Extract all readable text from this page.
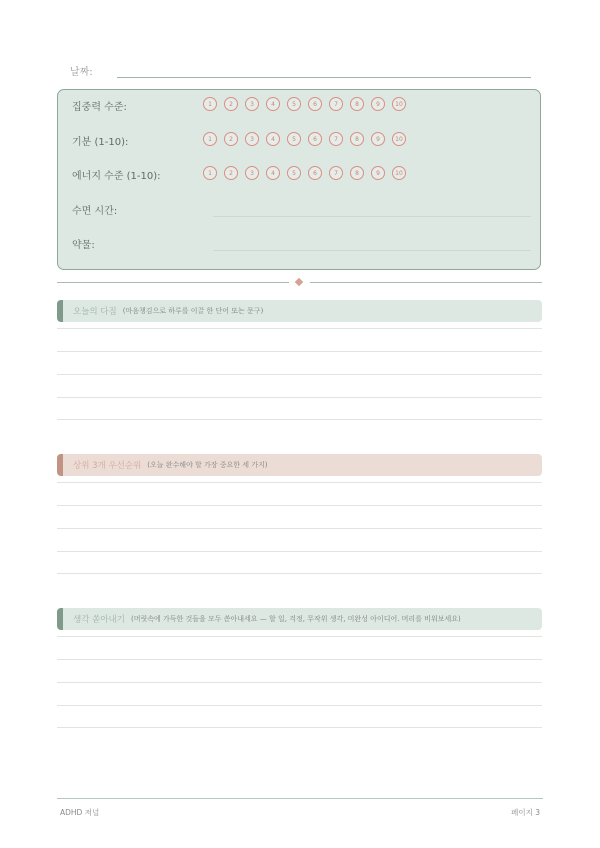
날짜:
집중력 수준:	1	2	3	4	5	6	7	8	9	10
기분 (1-10):	1	2	3	4	5	6	7	8	9	10
에너지 수준 (1-10):	1	2	3	4	5	6	7	8	9	10
수면 시간:
약물:
오늘의 다짐 (마음챙김으로 하루를 이끌 한 단어 또는 문구)
상위 3개 우선순위 (오늘 완수해야 할 가장 중요한 세 가지)
생각 쏟아내기 (머릿속에 가득한 것들을 모두 쏟아내세요 — 할 일, 걱정, 무작위 생각, 미완성 아이디어. 머리를 비워보세요)
ADHD 저널	페이지 3
